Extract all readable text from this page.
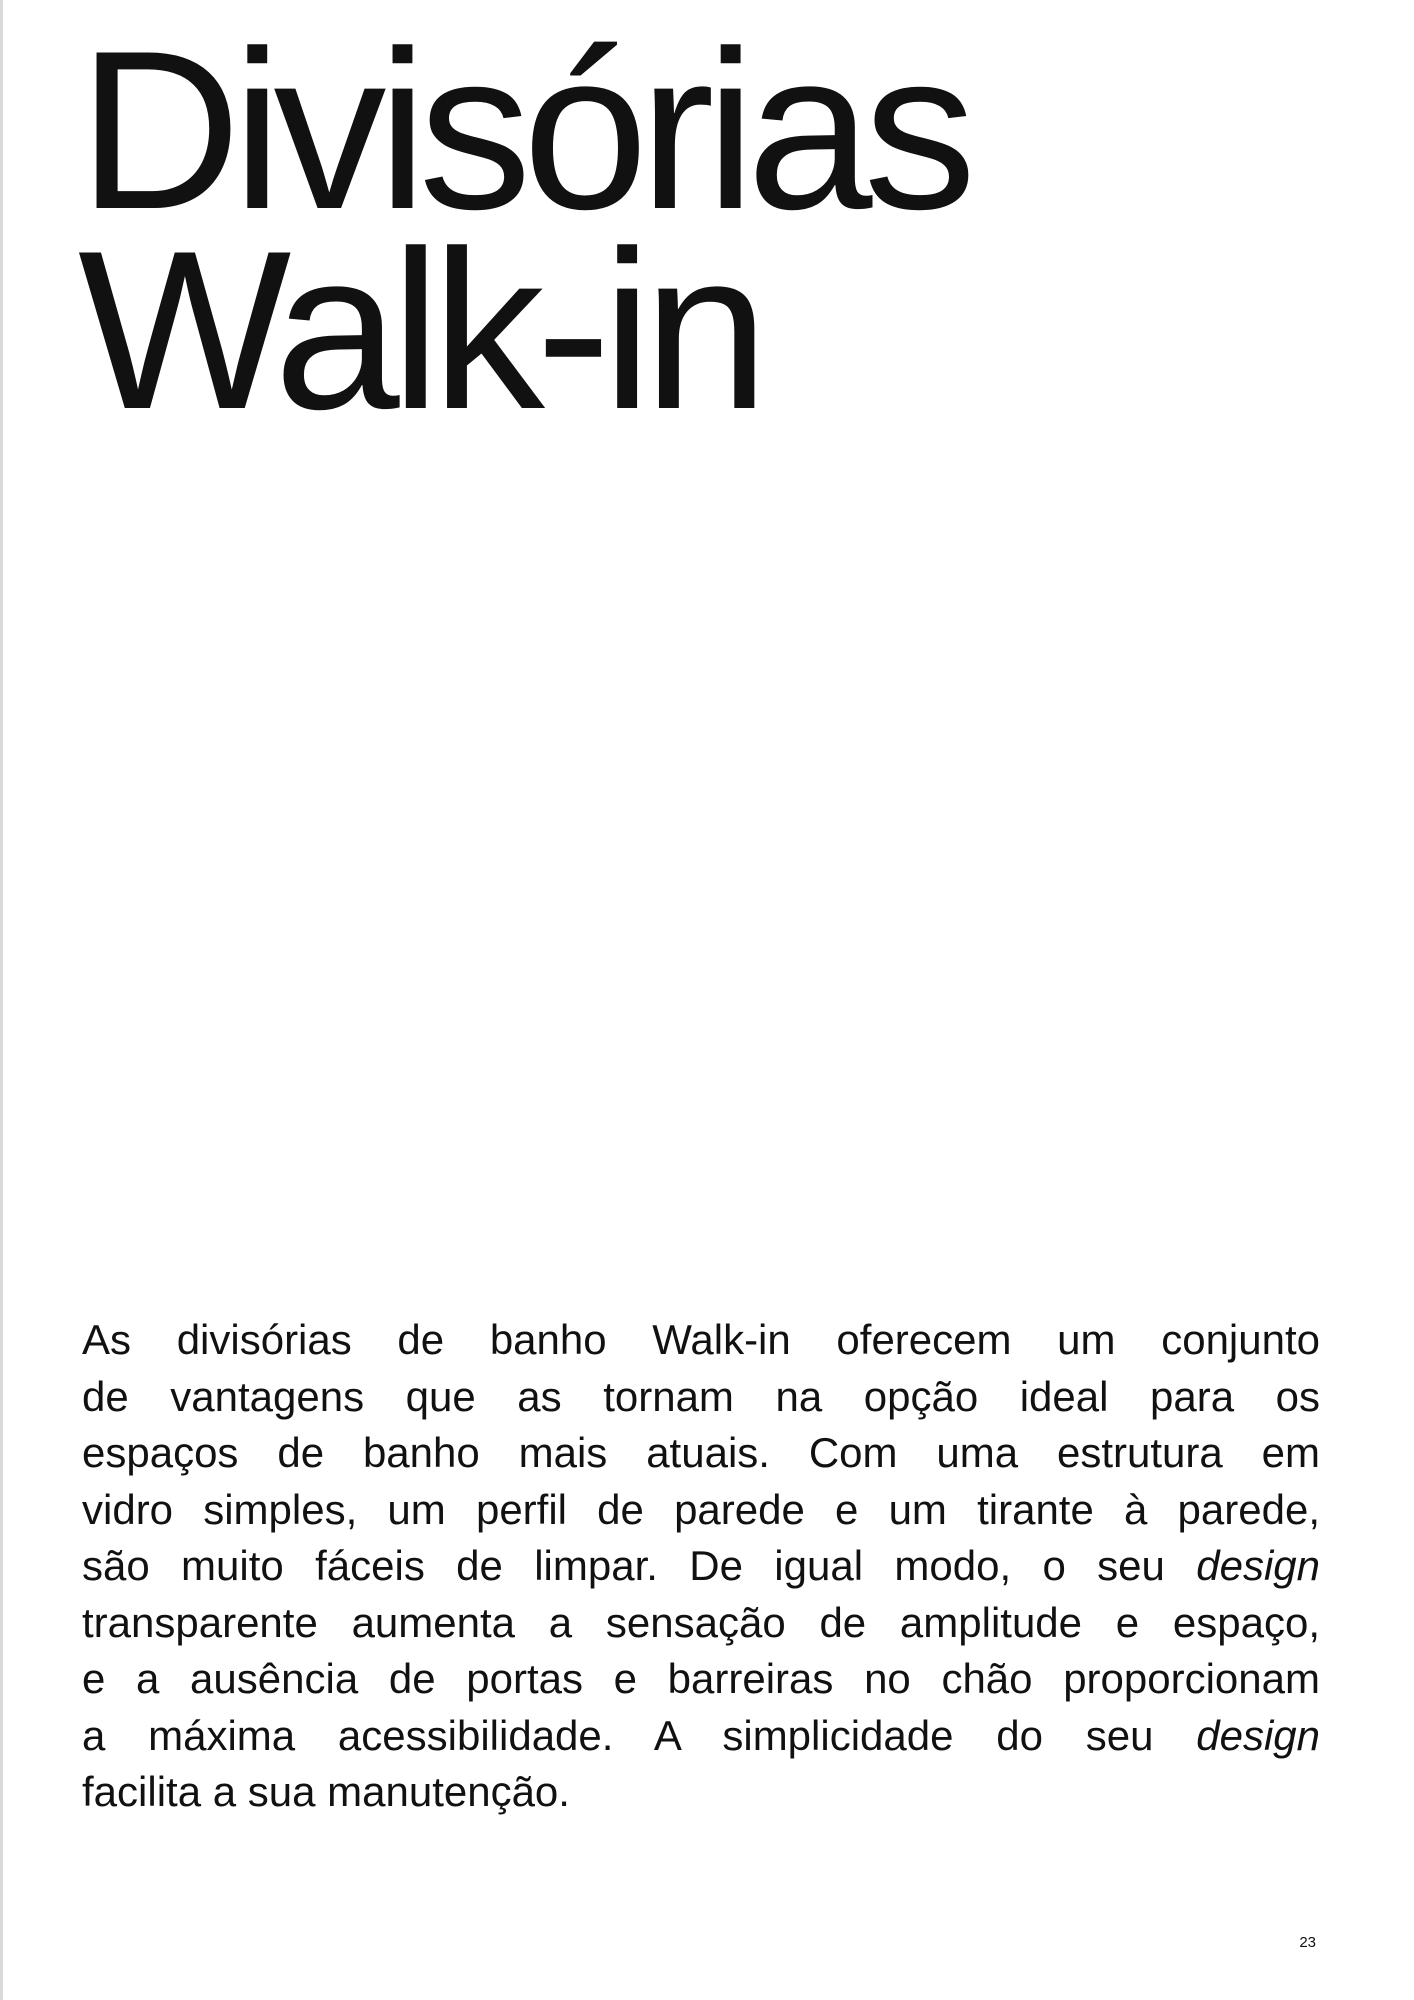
Divisórias
Walk-in

As divisórias de banho Walk-in oferecem um conjunto
de vantagens que as tornam na opção ideal para os
espaços de banho mais atuais. Com uma estrutura em
vidro simples, um perfil de parede e um tirante à parede,
são muito fáceis de limpar. De igual modo, o seu design
transparente aumenta a sensação de amplitude e espaço,
e a ausência de portas e barreiras no chão proporcionam
a máxima acessibilidade. A simplicidade do seu design
facilita a sua manutenção.

23
